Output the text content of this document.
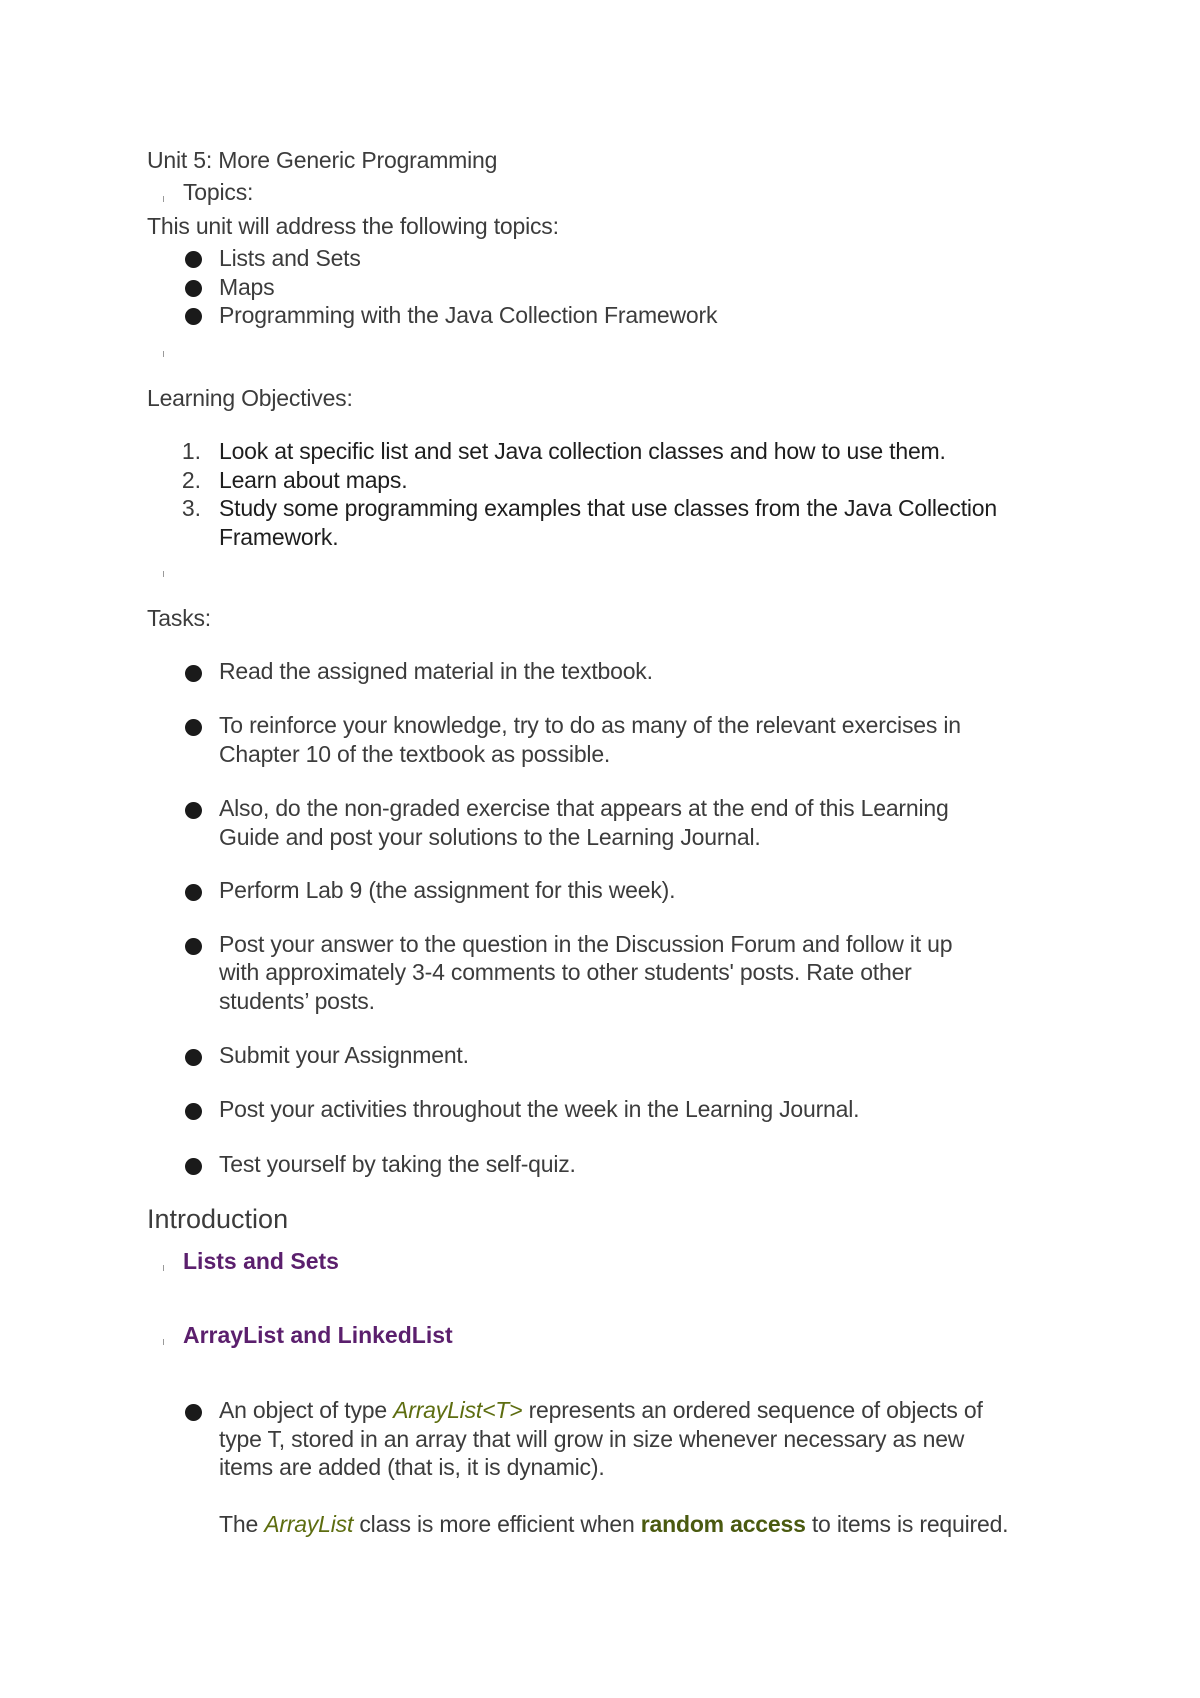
Unit 5: More Generic Programming
Topics:
This unit will address the following topics:
Lists and Sets
Maps
Programming with the Java Collection Framework
Learning Objectives:
1. Look at specific list and set Java collection classes and how to use them.
2. Learn about maps.
3. Study some programming examples that use classes from the Java Collection
Framework.
Tasks:
Read the assigned material in the textbook.
To reinforce your knowledge, try to do as many of the relevant exercises in
Chapter 10 of the textbook as possible.
Also, do the non-graded exercise that appears at the end of this Learning
Guide and post your solutions to the Learning Journal.
Perform Lab 9 (the assignment for this week).
Post your answer to the question in the Discussion Forum and follow it up
with approximately 3-4 comments to other students' posts. Rate other
students’ posts.
Submit your Assignment.
Post your activities throughout the week in the Learning Journal.
Test yourself by taking the self-quiz.
Introduction
Lists and Sets
ArrayList and LinkedList
An object of type ArrayList<T> represents an ordered sequence of objects of
type T, stored in an array that will grow in size whenever necessary as new
items are added (that is, it is dynamic).
The ArrayList class is more efficient when random access to items is required.
